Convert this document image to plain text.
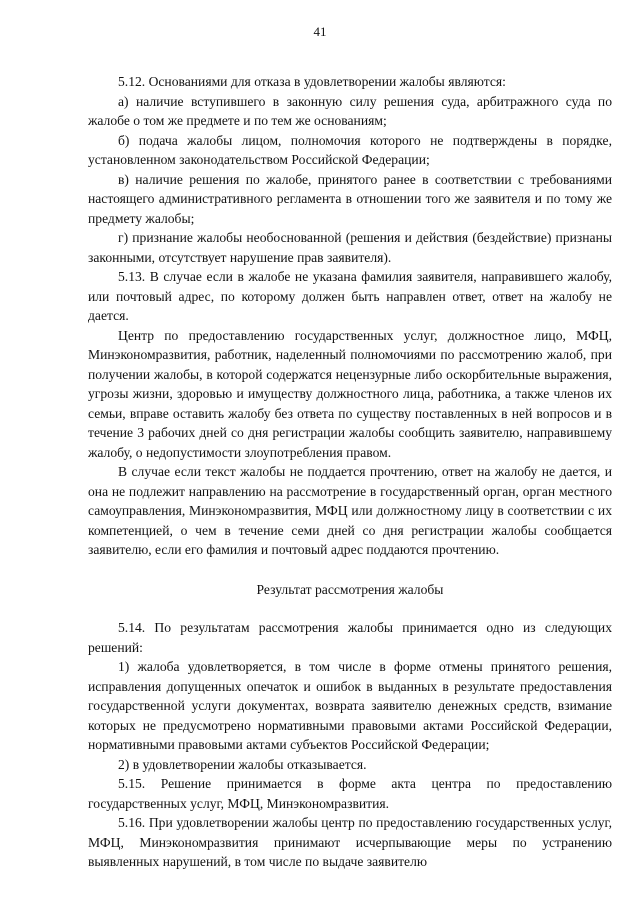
41

5.12. Основаниями для отказа в удовлетворении жалобы являются:

а) наличие вступившего в законную силу решения суда, арбитражного суда по жалобе о том же предмете и по тем же основаниям;

б) подача жалобы лицом, полномочия которого не подтверждены в порядке, установленном законодательством Российской Федерации;

в) наличие решения по жалобе, принятого ранее в соответствии с требованиями настоящего административного регламента в отношении того же заявителя и по тому же предмету жалобы;

г) признание жалобы необоснованной (решения и действия (бездействие) признаны законными, отсутствует нарушение прав заявителя).

5.13. В случае если в жалобе не указана фамилия заявителя, направившего жалобу, или почтовый адрес, по которому должен быть направлен ответ, ответ на жалобу не дается.

Центр по предоставлению государственных услуг, должностное лицо, МФЦ, Минэкономразвития, работник, наделенный полномочиями по рассмотрению жалоб, при получении жалобы, в которой содержатся нецензурные либо оскорбительные выражения, угрозы жизни, здоровью и имуществу должностного лица, работника, а также членов их семьи, вправе оставить жалобу без ответа по существу поставленных в ней вопросов и в течение 3 рабочих дней со дня регистрации жалобы сообщить заявителю, направившему жалобу, о недопустимости злоупотребления правом.

В случае если текст жалобы не поддается прочтению, ответ на жалобу не дается, и она не подлежит направлению на рассмотрение в государственный орган, орган местного самоуправления, Минэкономразвития, МФЦ или должностному лицу в соответствии с их компетенцией, о чем в течение семи дней со дня регистрации жалобы сообщается заявителю, если его фамилия и почтовый адрес поддаются прочтению.

Результат рассмотрения жалобы

5.14. По результатам рассмотрения жалобы принимается одно из следующих решений:

1) жалоба удовлетворяется, в том числе в форме отмены принятого решения, исправления допущенных опечаток и ошибок в выданных в результате предоставления государственной услуги документах, возврата заявителю денежных средств, взимание которых не предусмотрено нормативными правовыми актами Российской Федерации, нормативными правовыми актами субъектов Российской Федерации;

2) в удовлетворении жалобы отказывается.

5.15. Решение принимается в форме акта центра по предоставлению государственных услуг, МФЦ, Минэкономразвития.

5.16. При удовлетворении жалобы центр по предоставлению государственных услуг, МФЦ, Минэкономразвития принимают исчерпывающие меры по устранению выявленных нарушений, в том числе по выдаче заявителю
